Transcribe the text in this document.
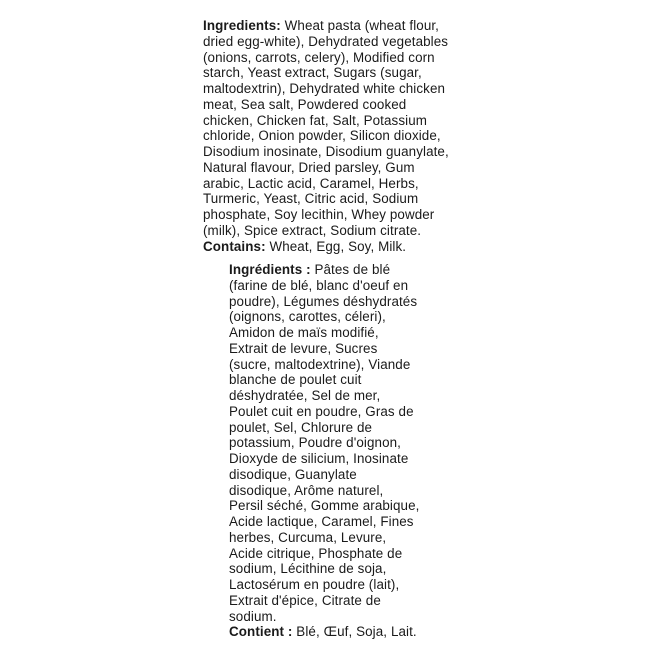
Ingredients: Wheat pasta (wheat flour,
dried egg-white), Dehydrated vegetables
(onions, carrots, celery), Modified corn
starch, Yeast extract, Sugars (sugar,
maltodextrin), Dehydrated white chicken
meat, Sea salt, Powdered cooked
chicken, Chicken fat, Salt, Potassium
chloride, Onion powder, Silicon dioxide,
Disodium inosinate, Disodium guanylate,
Natural flavour, Dried parsley, Gum
arabic, Lactic acid, Caramel, Herbs,
Turmeric, Yeast, Citric acid, Sodium
phosphate, Soy lecithin, Whey powder
(milk), Spice extract, Sodium citrate.
Contains: Wheat, Egg, Soy, Milk.
Ingrédients : Pâtes de blé
(farine de blé, blanc d'oeuf en
poudre), Légumes déshydratés
(oignons, carottes, céleri),
Amidon de maïs modifié,
Extrait de levure, Sucres
(sucre, maltodextrine), Viande
blanche de poulet cuit
déshydratée, Sel de mer,
Poulet cuit en poudre, Gras de
poulet, Sel, Chlorure de
potassium, Poudre d'oignon,
Dioxyde de silicium, Inosinate
disodique, Guanylate
disodique, Arôme naturel,
Persil séché, Gomme arabique,
Acide lactique, Caramel, Fines
herbes, Curcuma, Levure,
Acide citrique, Phosphate de
sodium, Lécithine de soja,
Lactosérum en poudre (lait),
Extrait d'épice, Citrate de
sodium.
Contient : Blé, Œuf, Soja, Lait.
